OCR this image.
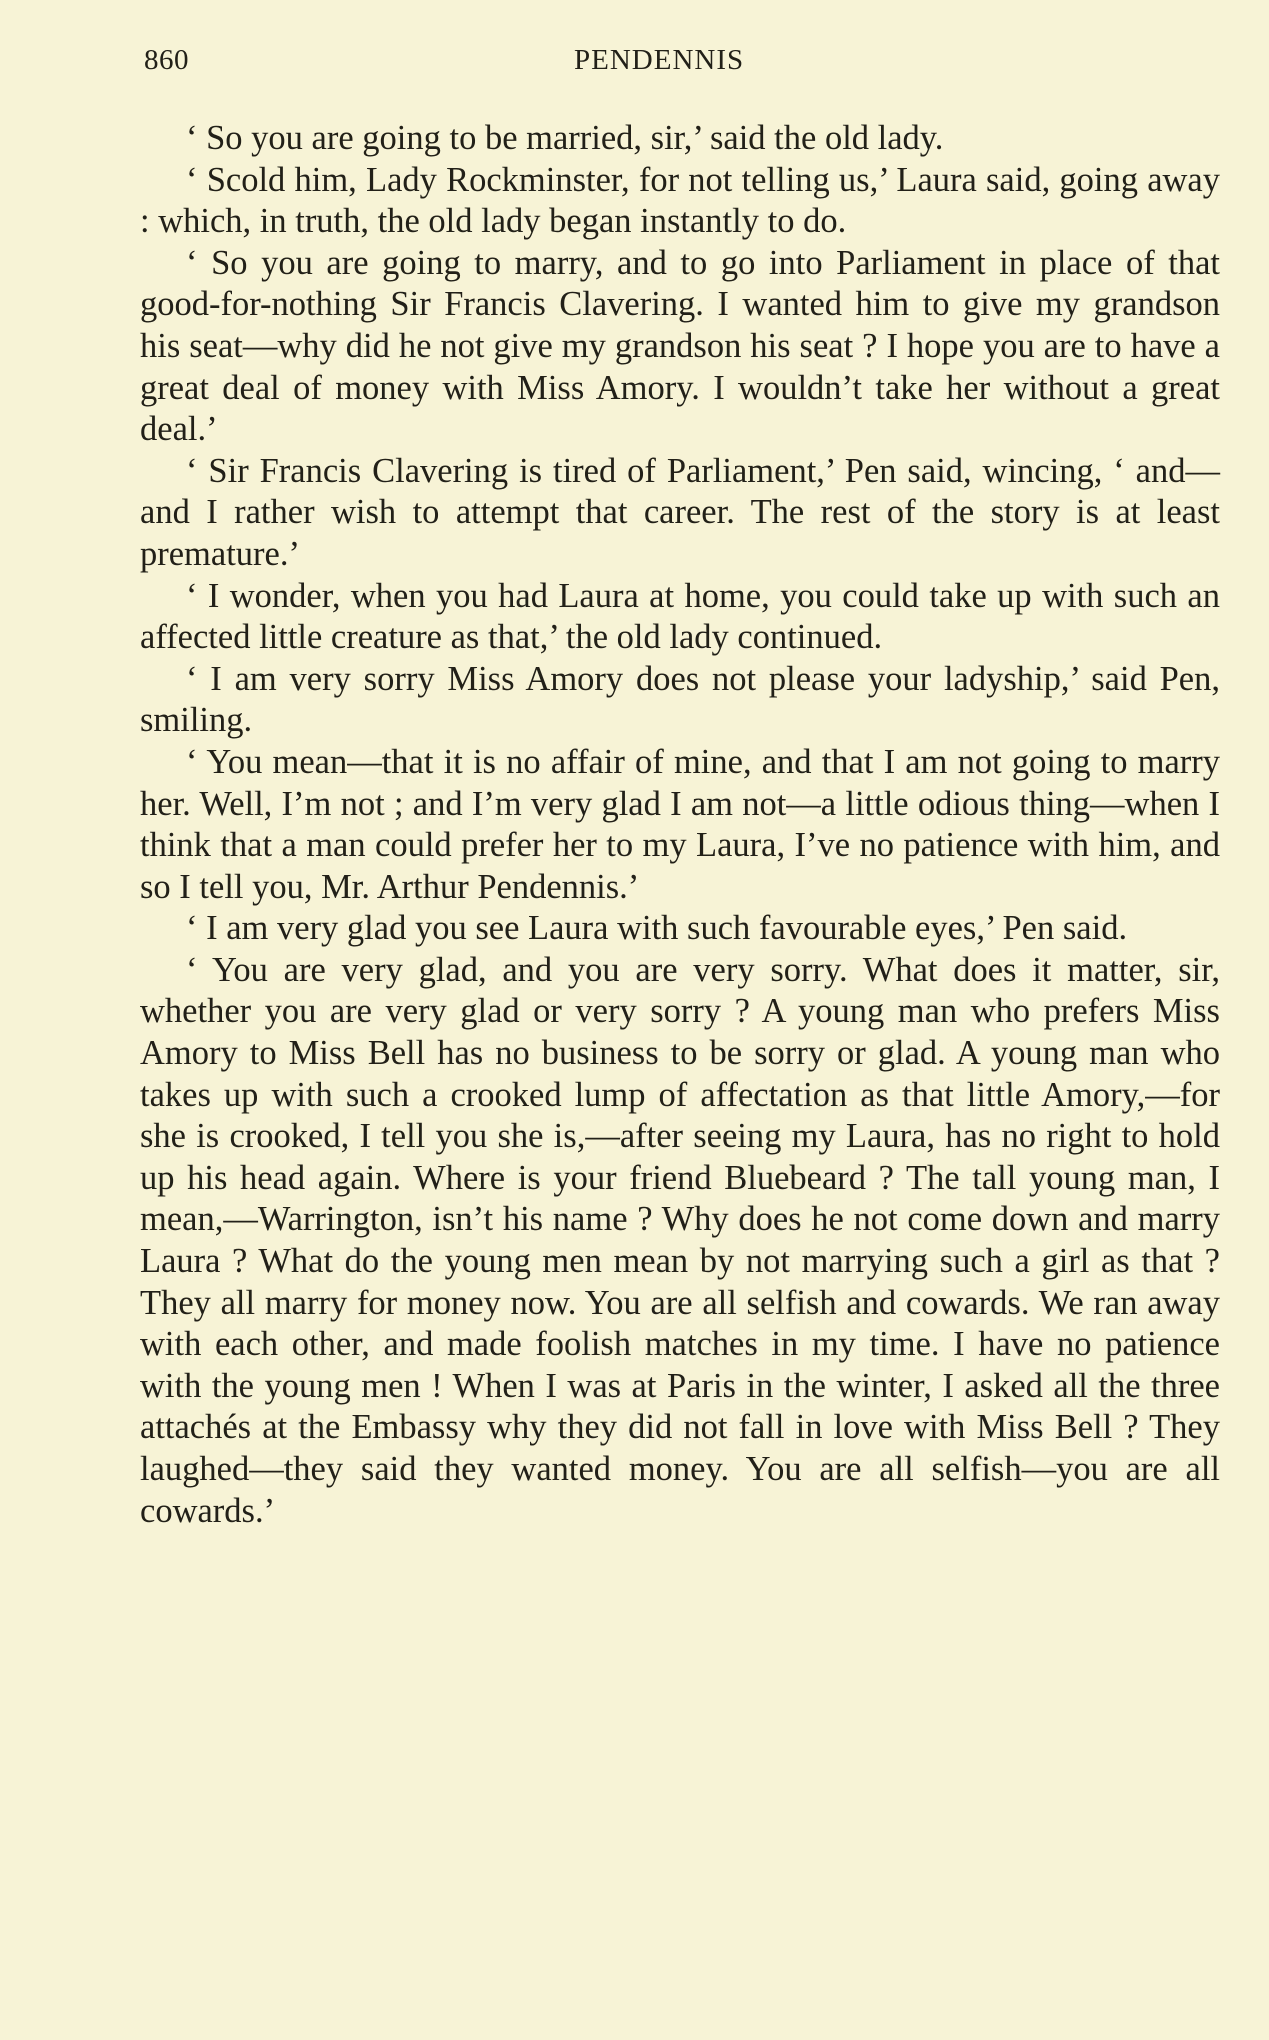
860	PENDENNIS

‘ So you are going to be married, sir,’ said the old lady.

‘ Scold him, Lady Rockminster, for not telling us,’ Laura said, going away : which, in truth, the old lady began instantly to do.

‘ So you are going to marry, and to go into Parliament in place of that good-for-nothing Sir Francis Clavering. I wanted him to give my grandson his seat—why did he not give my grandson his seat ? I hope you are to have a great deal of money with Miss Amory. I wouldn’t take her without a great deal.’

‘ Sir Francis Clavering is tired of Parliament,’ Pen said, wincing, ‘ and—and I rather wish to attempt that career. The rest of the story is at least premature.’

‘ I wonder, when you had Laura at home, you could take up with such an affected little creature as that,’ the old lady continued.

‘ I am very sorry Miss Amory does not please your ladyship,’ said Pen, smiling.

‘ You mean—that it is no affair of mine, and that I am not going to marry her. Well, I’m not ; and I’m very glad I am not—a little odious thing—when I think that a man could prefer her to my Laura, I’ve no patience with him, and so I tell you, Mr. Arthur Pendennis.’

‘ I am very glad you see Laura with such favourable eyes,’ Pen said.

‘ You are very glad, and you are very sorry. What does it matter, sir, whether you are very glad or very sorry ? A young man who prefers Miss Amory to Miss Bell has no business to be sorry or glad. A young man who takes up with such a crooked lump of affectation as that little Amory,—for she is crooked, I tell you she is,—after seeing my Laura, has no right to hold up his head again. Where is your friend Bluebeard ? The tall young man, I mean,—Warrington, isn’t his name ? Why does he not come down and marry Laura ? What do the young men mean by not marrying such a girl as that ? They all marry for money now. You are all selfish and cowards. We ran away with each other, and made foolish matches in my time. I have no patience with the young men ! When I was at Paris in the winter, I asked all the three attachés at the Embassy why they did not fall in love with Miss Bell ? They laughed—they said they wanted money. You are all selfish—you are all cowards.’
